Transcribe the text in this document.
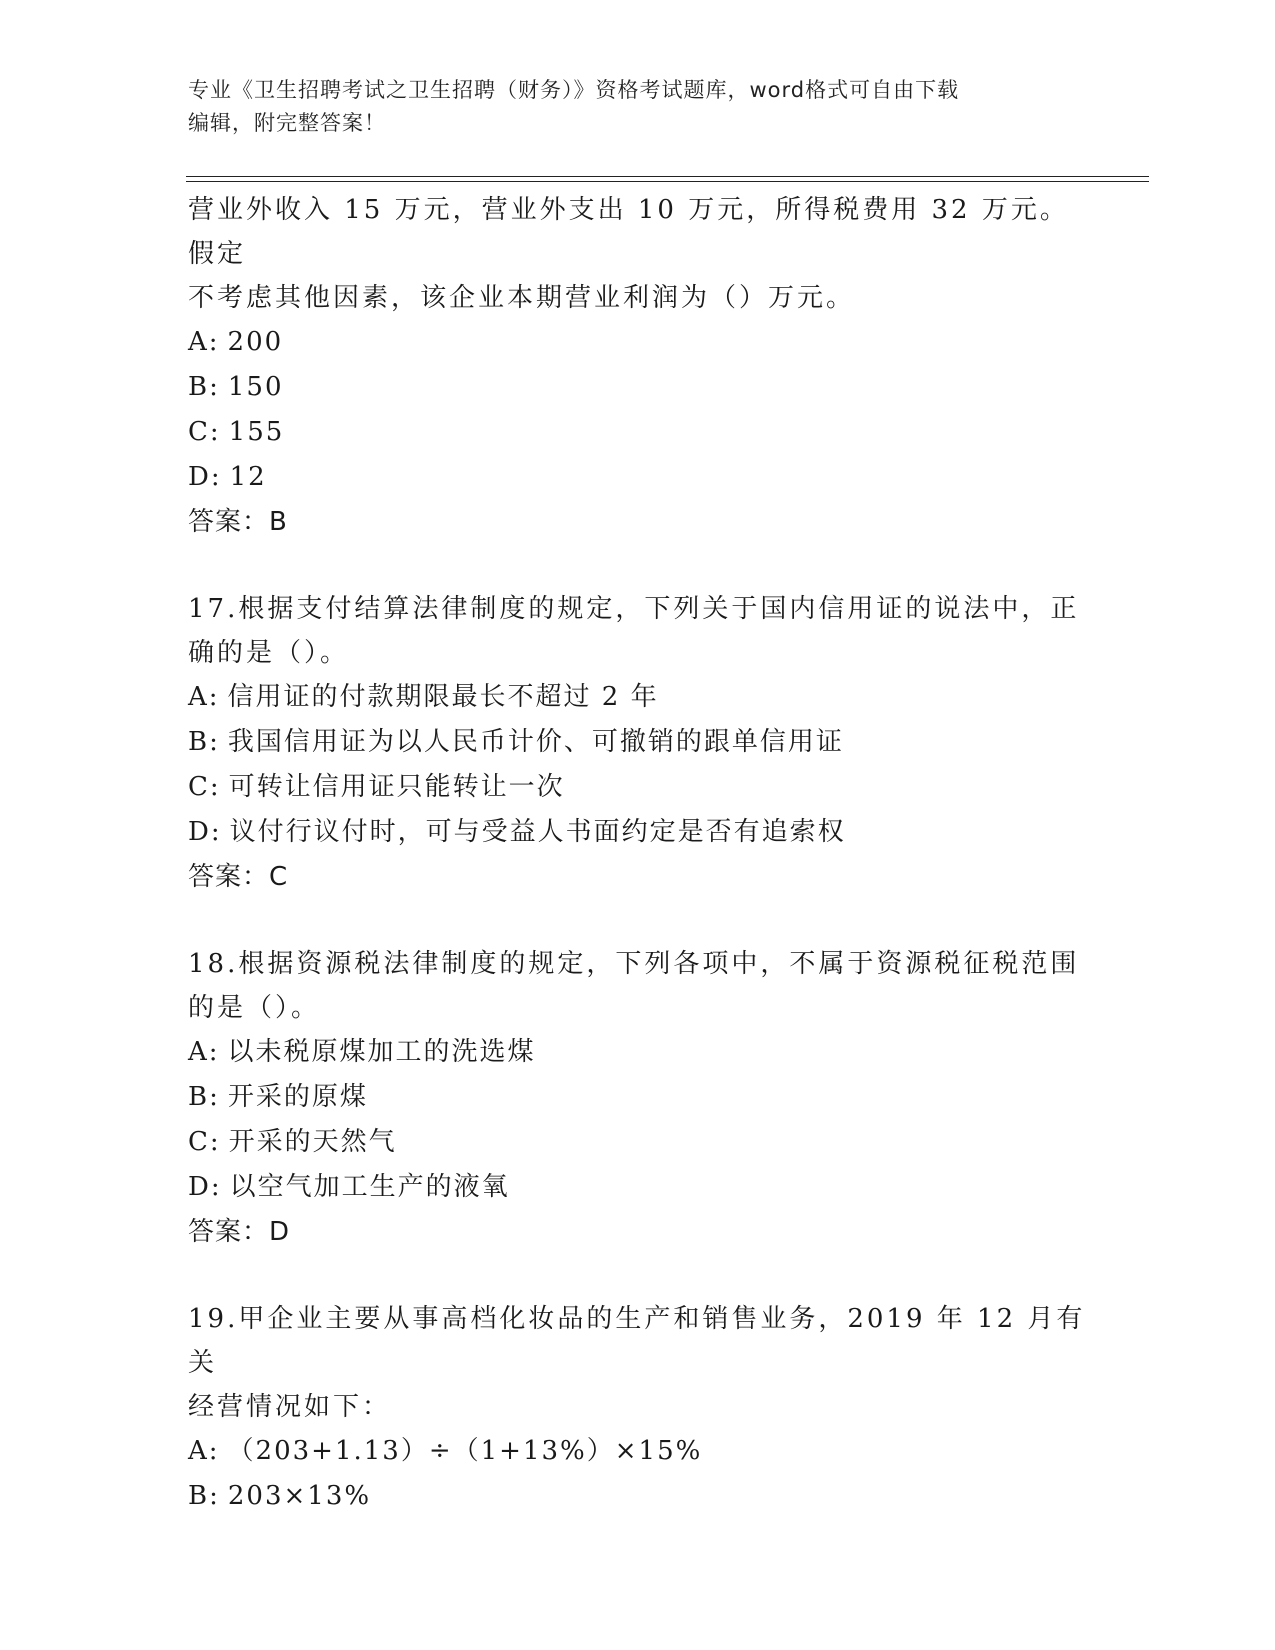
专业《卫生招聘考试之卫生招聘（财务）》资格考试题库，word格式可自由下载
编辑，附完整答案！

营业外收入 15 万元，营业外支出 10 万元，所得税费用 32 万元。假定

不考虑其他因素，该企业本期营业利润为（）万元。

A: 200

B: 150

C: 155

D: 12

答案：B

17.根据支付结算法律制度的规定，下列关于国内信用证的说法中，正

确的是（）。

A: 信用证的付款期限最长不超过 2 年

B: 我国信用证为以人民币计价、可撤销的跟单信用证

C: 可转让信用证只能转让一次

D: 议付行议付时，可与受益人书面约定是否有追索权

答案：C

18.根据资源税法律制度的规定，下列各项中，不属于资源税征税范围

的是（）。

A: 以未税原煤加工的洗选煤

B: 开采的原煤

C: 开采的天然气

D: 以空气加工生产的液氧

答案：D

19.甲企业主要从事高档化妆品的生产和销售业务，2019 年 12 月有关

经营情况如下：

A: （203+1.13）÷（1+13%）×15%

B: 203×13%
